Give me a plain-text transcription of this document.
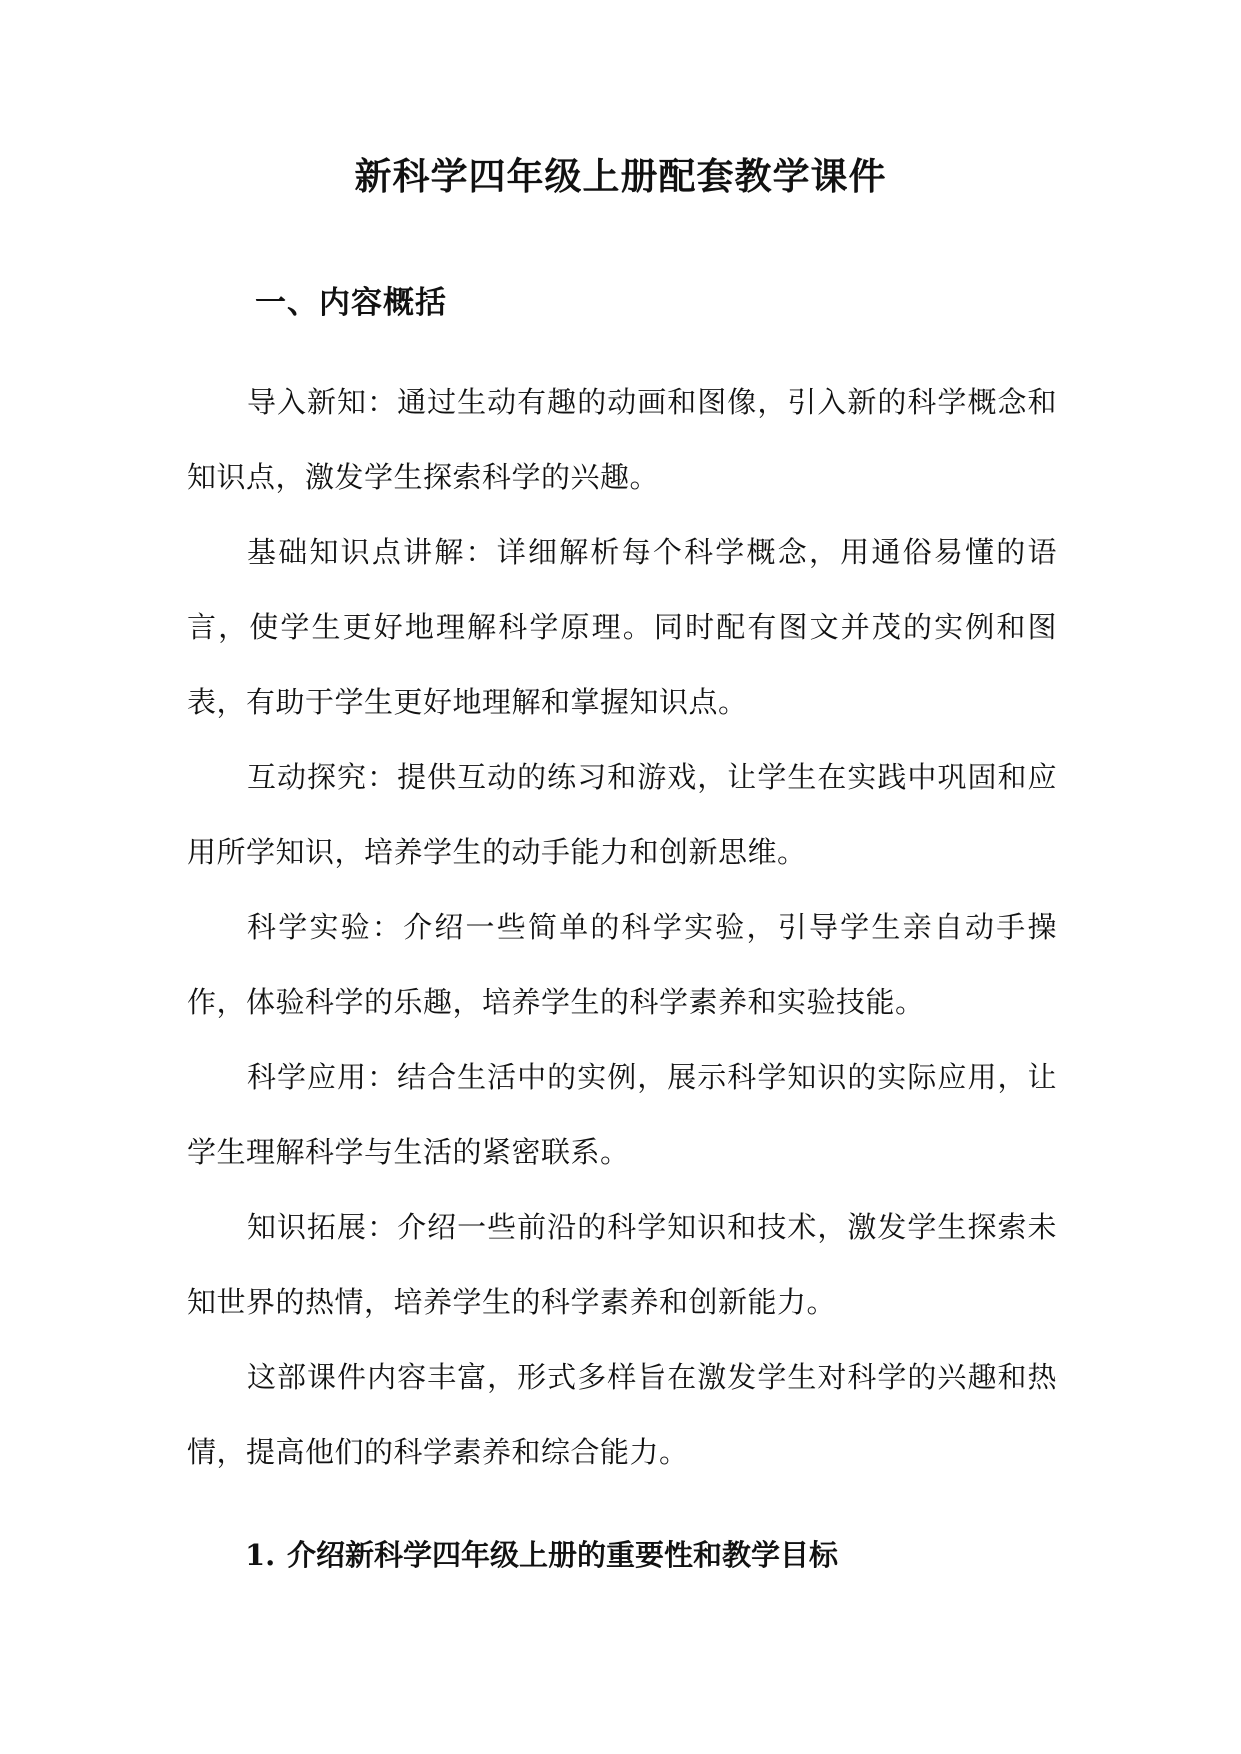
新科学四年级上册配套教学课件
一、内容概括

导入新知：通过生动有趣的动画和图像，引入新的科学概念和知识点，激发学生探索科学的兴趣。

基础知识点讲解：详细解析每个科学概念，用通俗易懂的语言，使学生更好地理解科学原理。同时配有图文并茂的实例和图表，有助于学生更好地理解和掌握知识点。

互动探究：提供互动的练习和游戏，让学生在实践中巩固和应用所学知识，培养学生的动手能力和创新思维。

科学实验：介绍一些简单的科学实验，引导学生亲自动手操作，体验科学的乐趣，培养学生的科学素养和实验技能。

科学应用：结合生活中的实例，展示科学知识的实际应用，让学生理解科学与生活的紧密联系。

知识拓展：介绍一些前沿的科学知识和技术，激发学生探索未知世界的热情，培养学生的科学素养和创新能力。

这部课件内容丰富，形式多样旨在激发学生对科学的兴趣和热情，提高他们的科学素养和综合能力。

1. 介绍新科学四年级上册的重要性和教学目标
